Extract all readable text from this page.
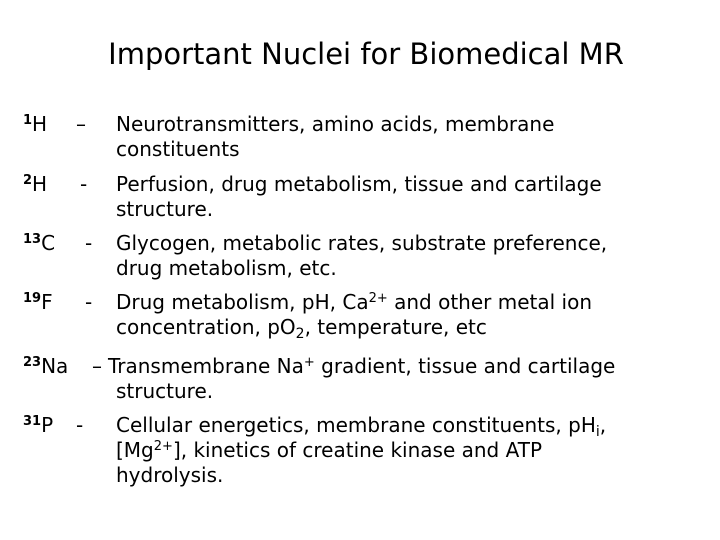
Important Nuclei for Biomedical MR
$^1$H – Neurotransmitters, amino acids, membrane
constituents
$^2$H - Perfusion, drug metabolism, tissue and cartilage
structure.
$^{13}$C - Glycogen, metabolic rates, substrate preference,
drug metabolism, etc.
$^{19}$F - Drug metabolism, pH, $Ca^{2+}$ and other metal ion
concentration, $pO_2$, temperature, etc
$^{23}$Na – Transmembrane Na+ gradient, tissue and cartilage
structure.
$^{31}$P - Cellular energetics, membrane constituents, $pH_i$,
$[Mg^{2+}]$, kinetics of creatine kinase and ATP
hydrolysis.
